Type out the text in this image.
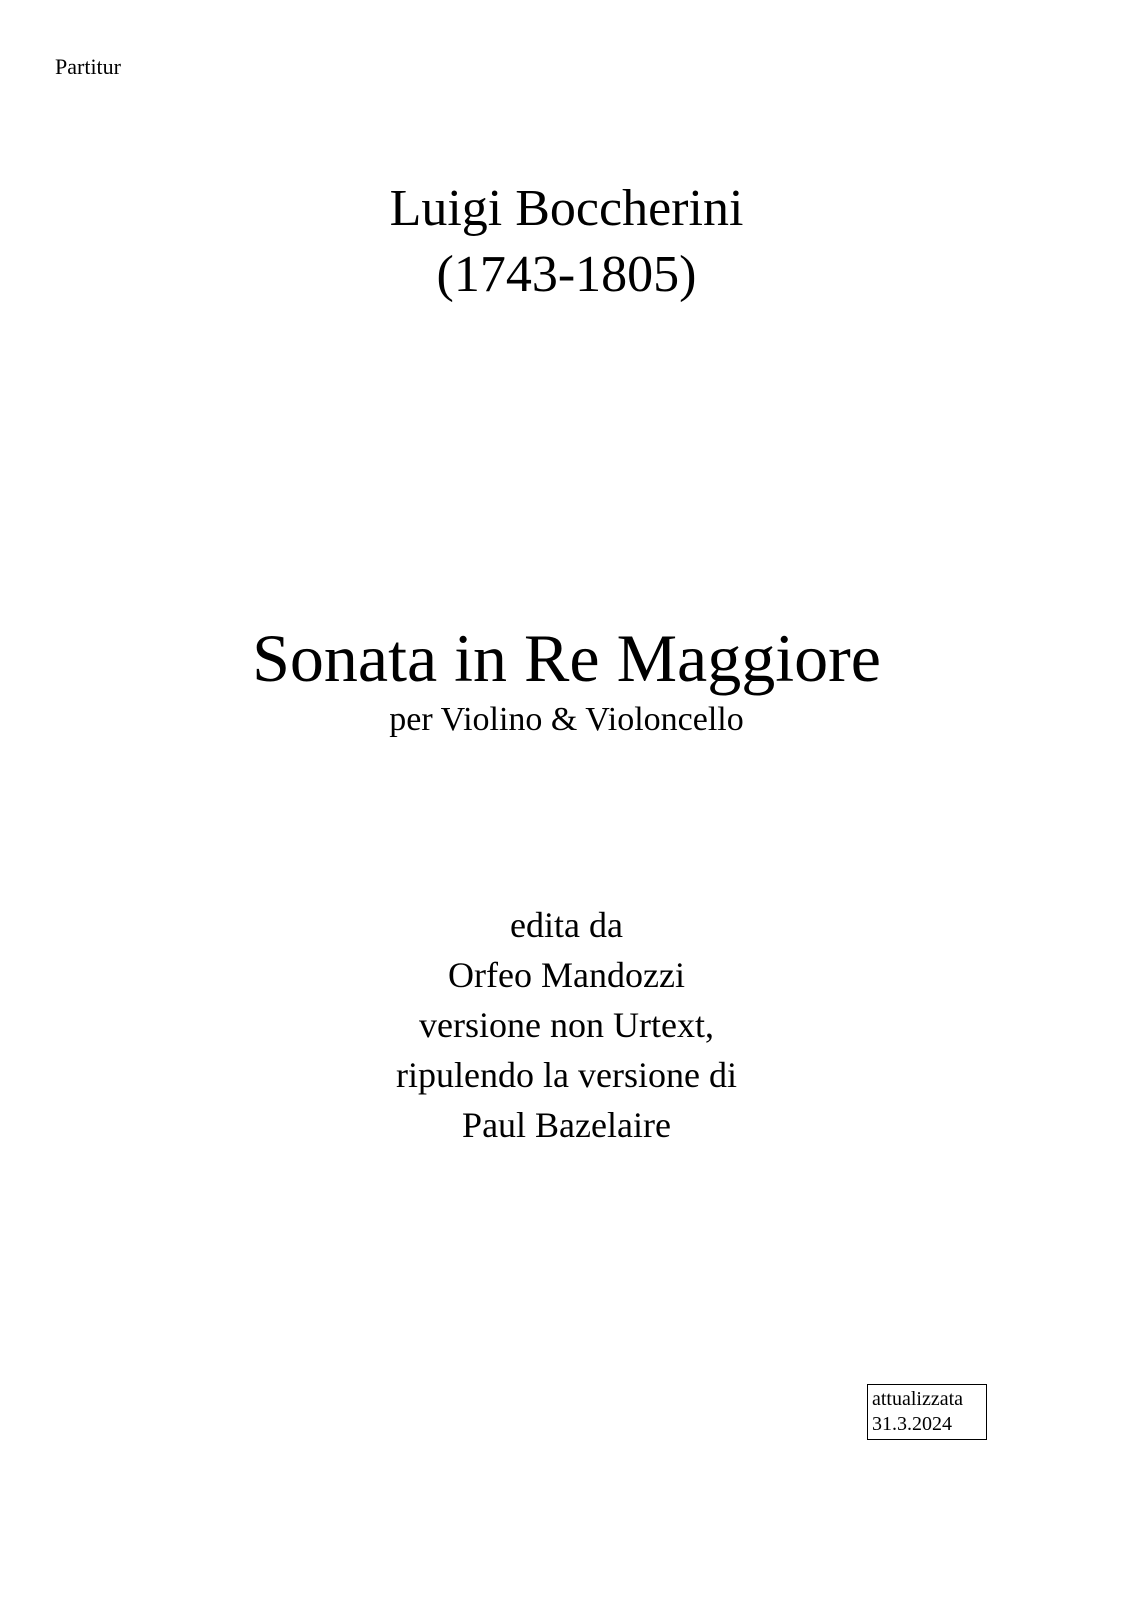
Partitur
Luigi Boccherini
(1743-1805)
Sonata in Re Maggiore
per Violino & Violoncello
edita da
Orfeo Mandozzi
versione non Urtext,
ripulendo la versione di
Paul Bazelaire
attualizzata
31.3.2024
